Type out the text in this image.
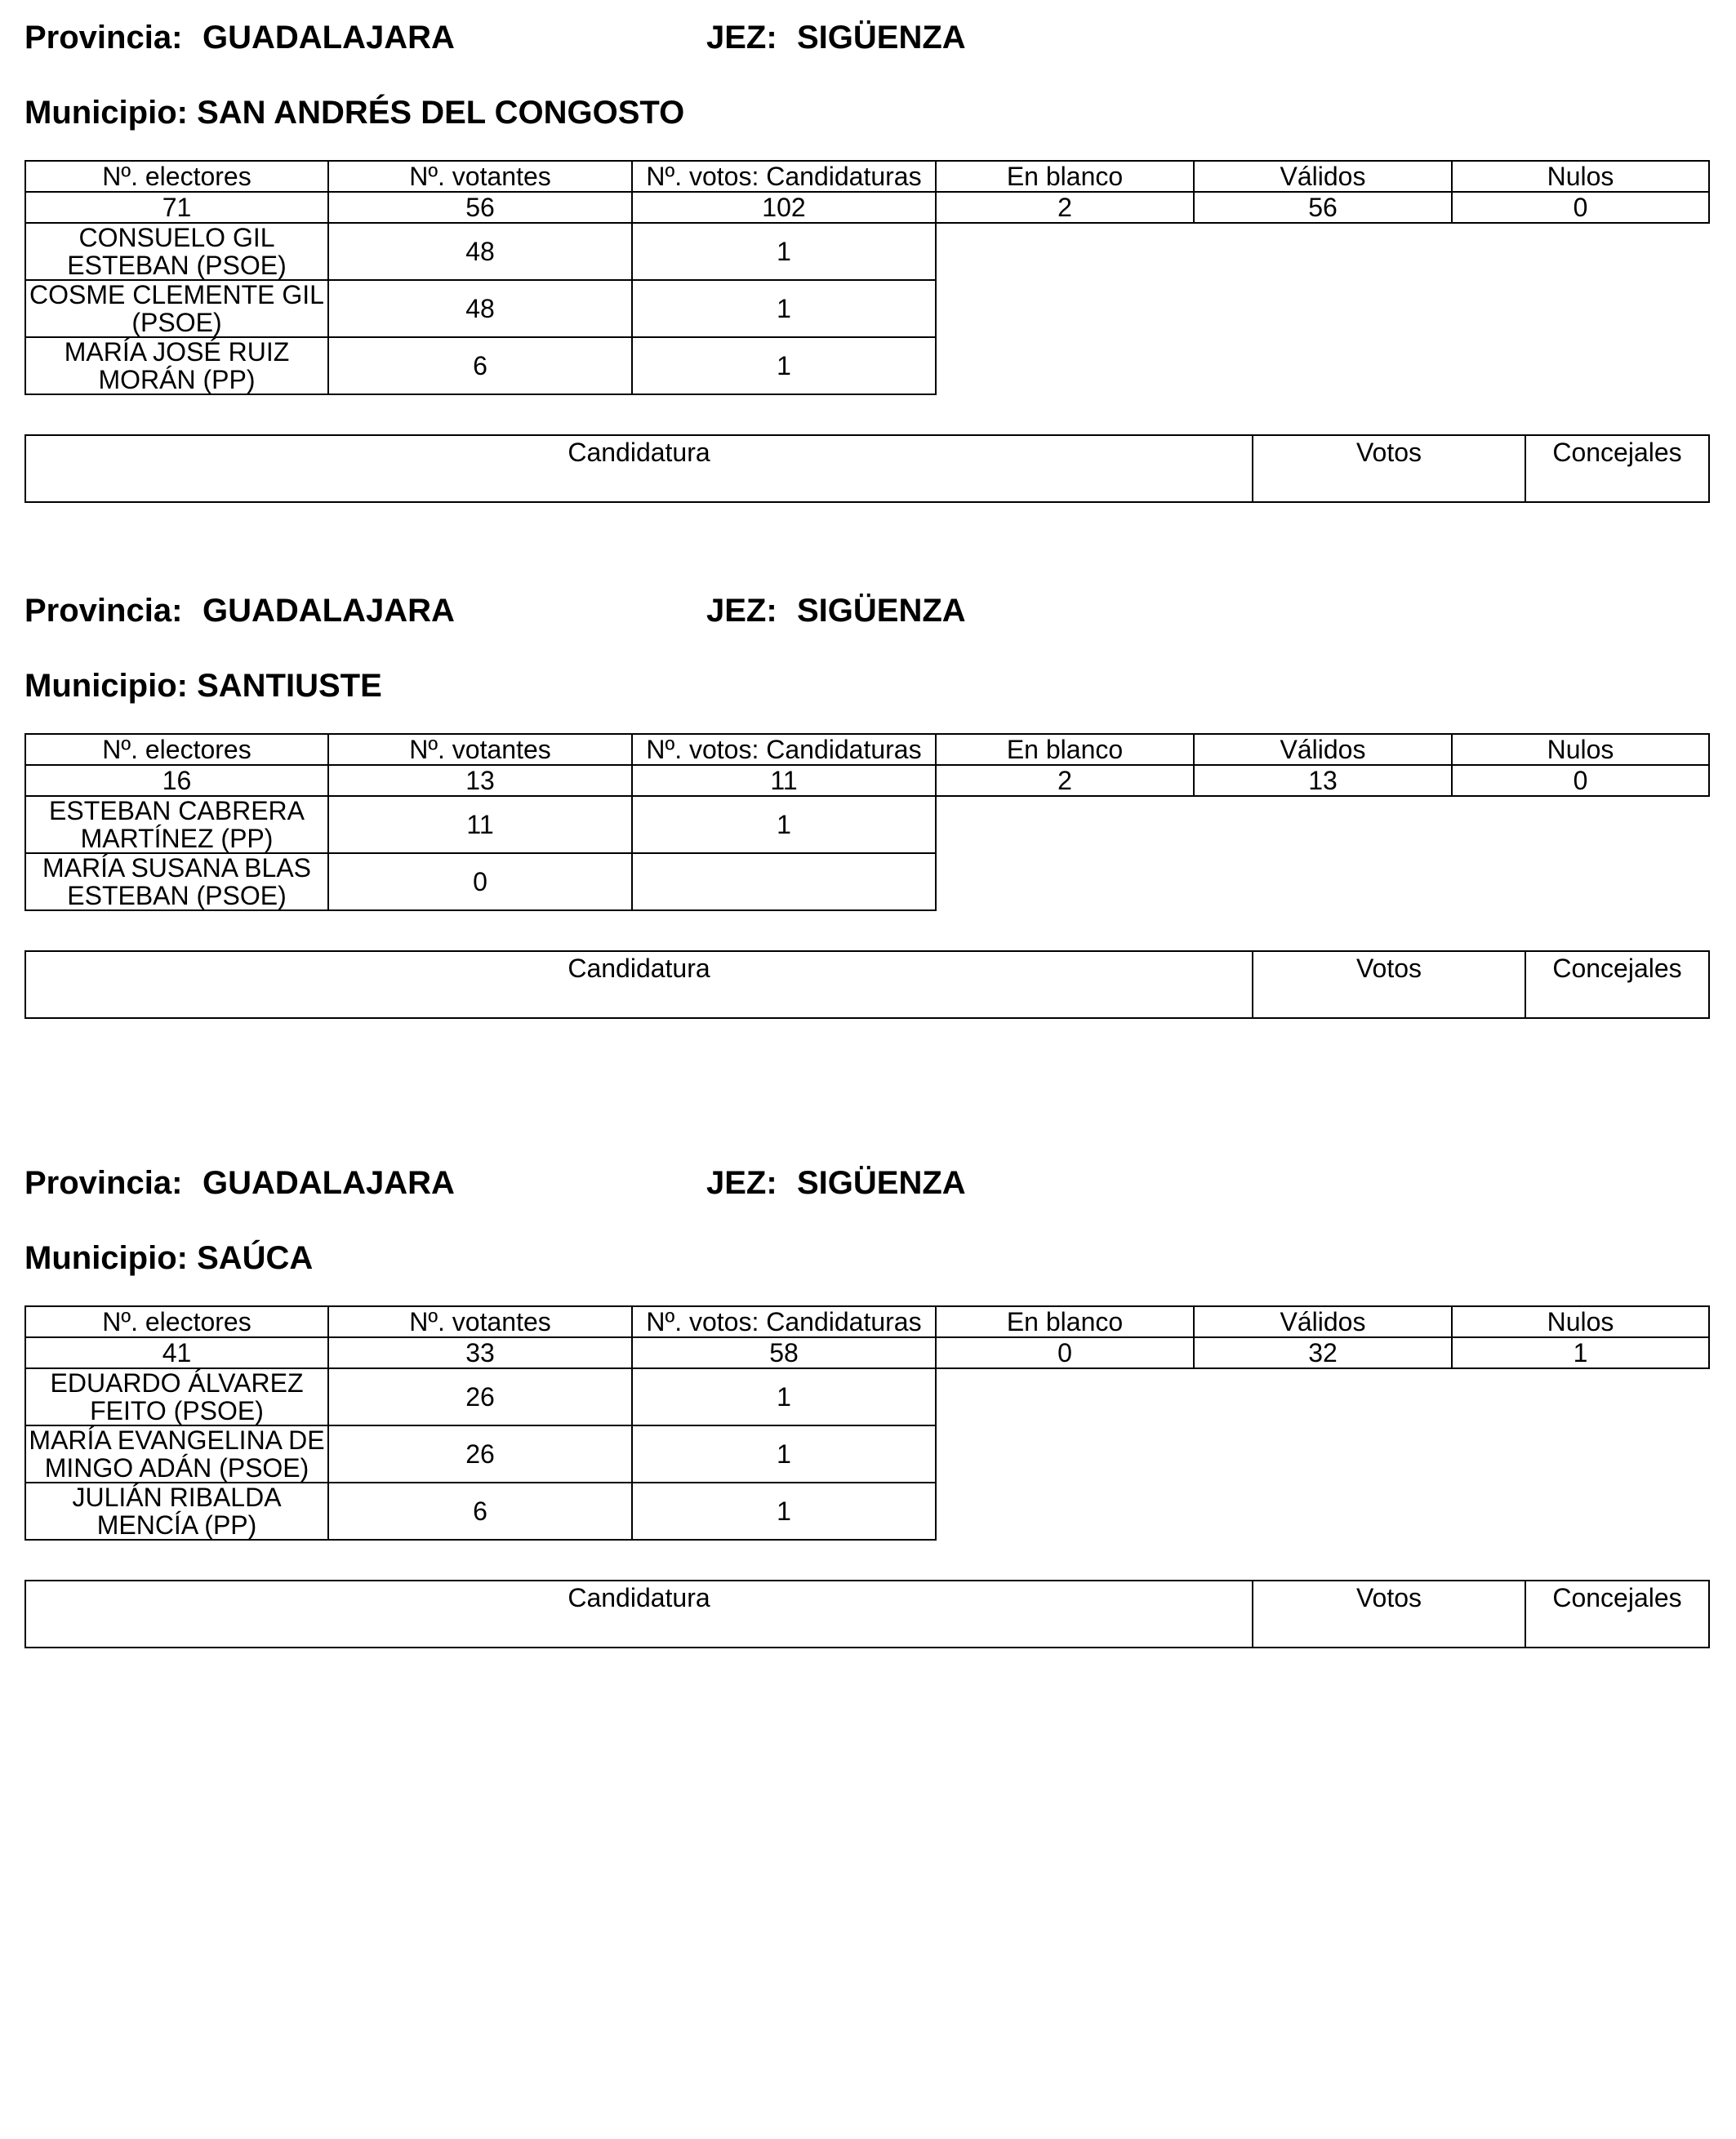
Provincia: GUADALAJARA	JEZ: SIGÜENZA
Municipio:
SAN ANDRÉS DEL CONGOSTO
Nº. electores	Nº. votantes	Nº. votos: Candidaturas	En blanco	Válidos	Nulos
71	56	102	2	56	0
CONSUELO GIL ESTEBAN (PSOE)	48	1			
COSME CLEMENTE GIL (PSOE)	48	1			
MARÍA JOSÉ RUIZ MORÁN (PP)	6	1			
Candidatura	Votos	Concejales
Provincia: GUADALAJARA	JEZ: SIGÜENZA
Municipio:
SANTIUSTE
Nº. electores	Nº. votantes	Nº. votos: Candidaturas	En blanco	Válidos	Nulos
16	13	11	2	13	0
ESTEBAN CABRERA MARTÍNEZ (PP)	11	1			
MARÍA SUSANA BLAS ESTEBAN (PSOE)	0				
Candidatura	Votos	Concejales
Provincia: GUADALAJARA	JEZ: SIGÜENZA
Municipio:
SAÚCA
Nº. electores	Nº. votantes	Nº. votos: Candidaturas	En blanco	Válidos	Nulos
41	33	58	0	32	1
EDUARDO ÁLVAREZ FEITO (PSOE)	26	1			
MARÍA EVANGELINA DE MINGO ADÁN (PSOE)	26	1			
JULIÁN RIBALDA MENCÍA (PP)	6	1			
Candidatura	Votos	Concejales
